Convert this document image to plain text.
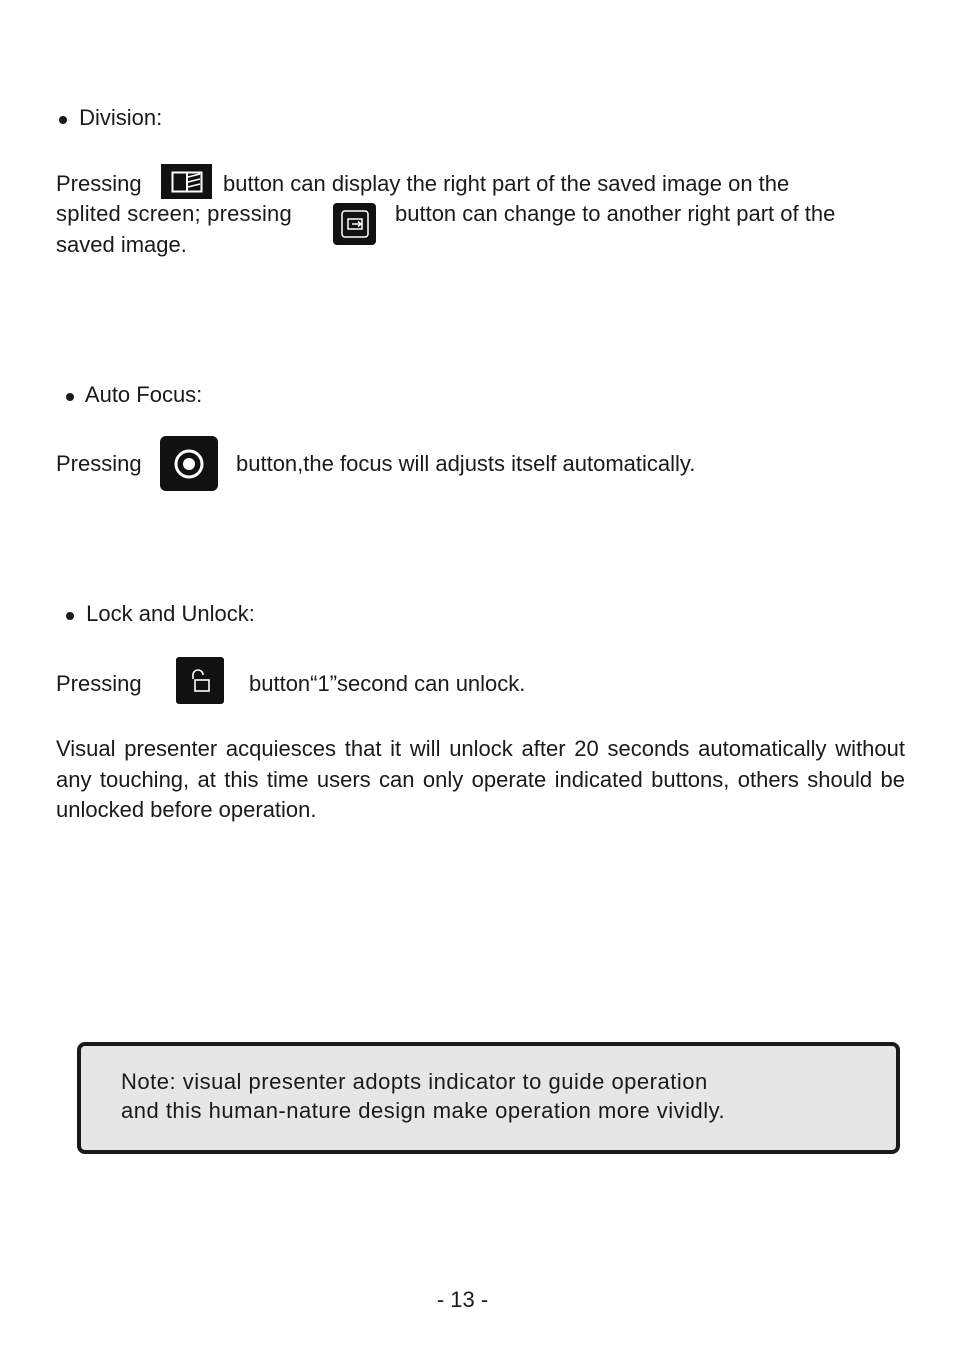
Division:
Pressing	button can display the right part of the saved image on the
splited screen; pressing	button can change to another right part of the
saved image.
Auto Focus:
Pressing	button,the focus will adjusts itself automatically.
Lock and Unlock:
Pressing	button“1”second can unlock.
Visual presenter acquiesces that it will unlock after 20 seconds automatically without any touching, at this time users can only operate indicated buttons, others should be unlocked before operation.
Note: visual presenter adopts indicator to guide operation
and this human-nature design make operation more vividly.
- 13 -
